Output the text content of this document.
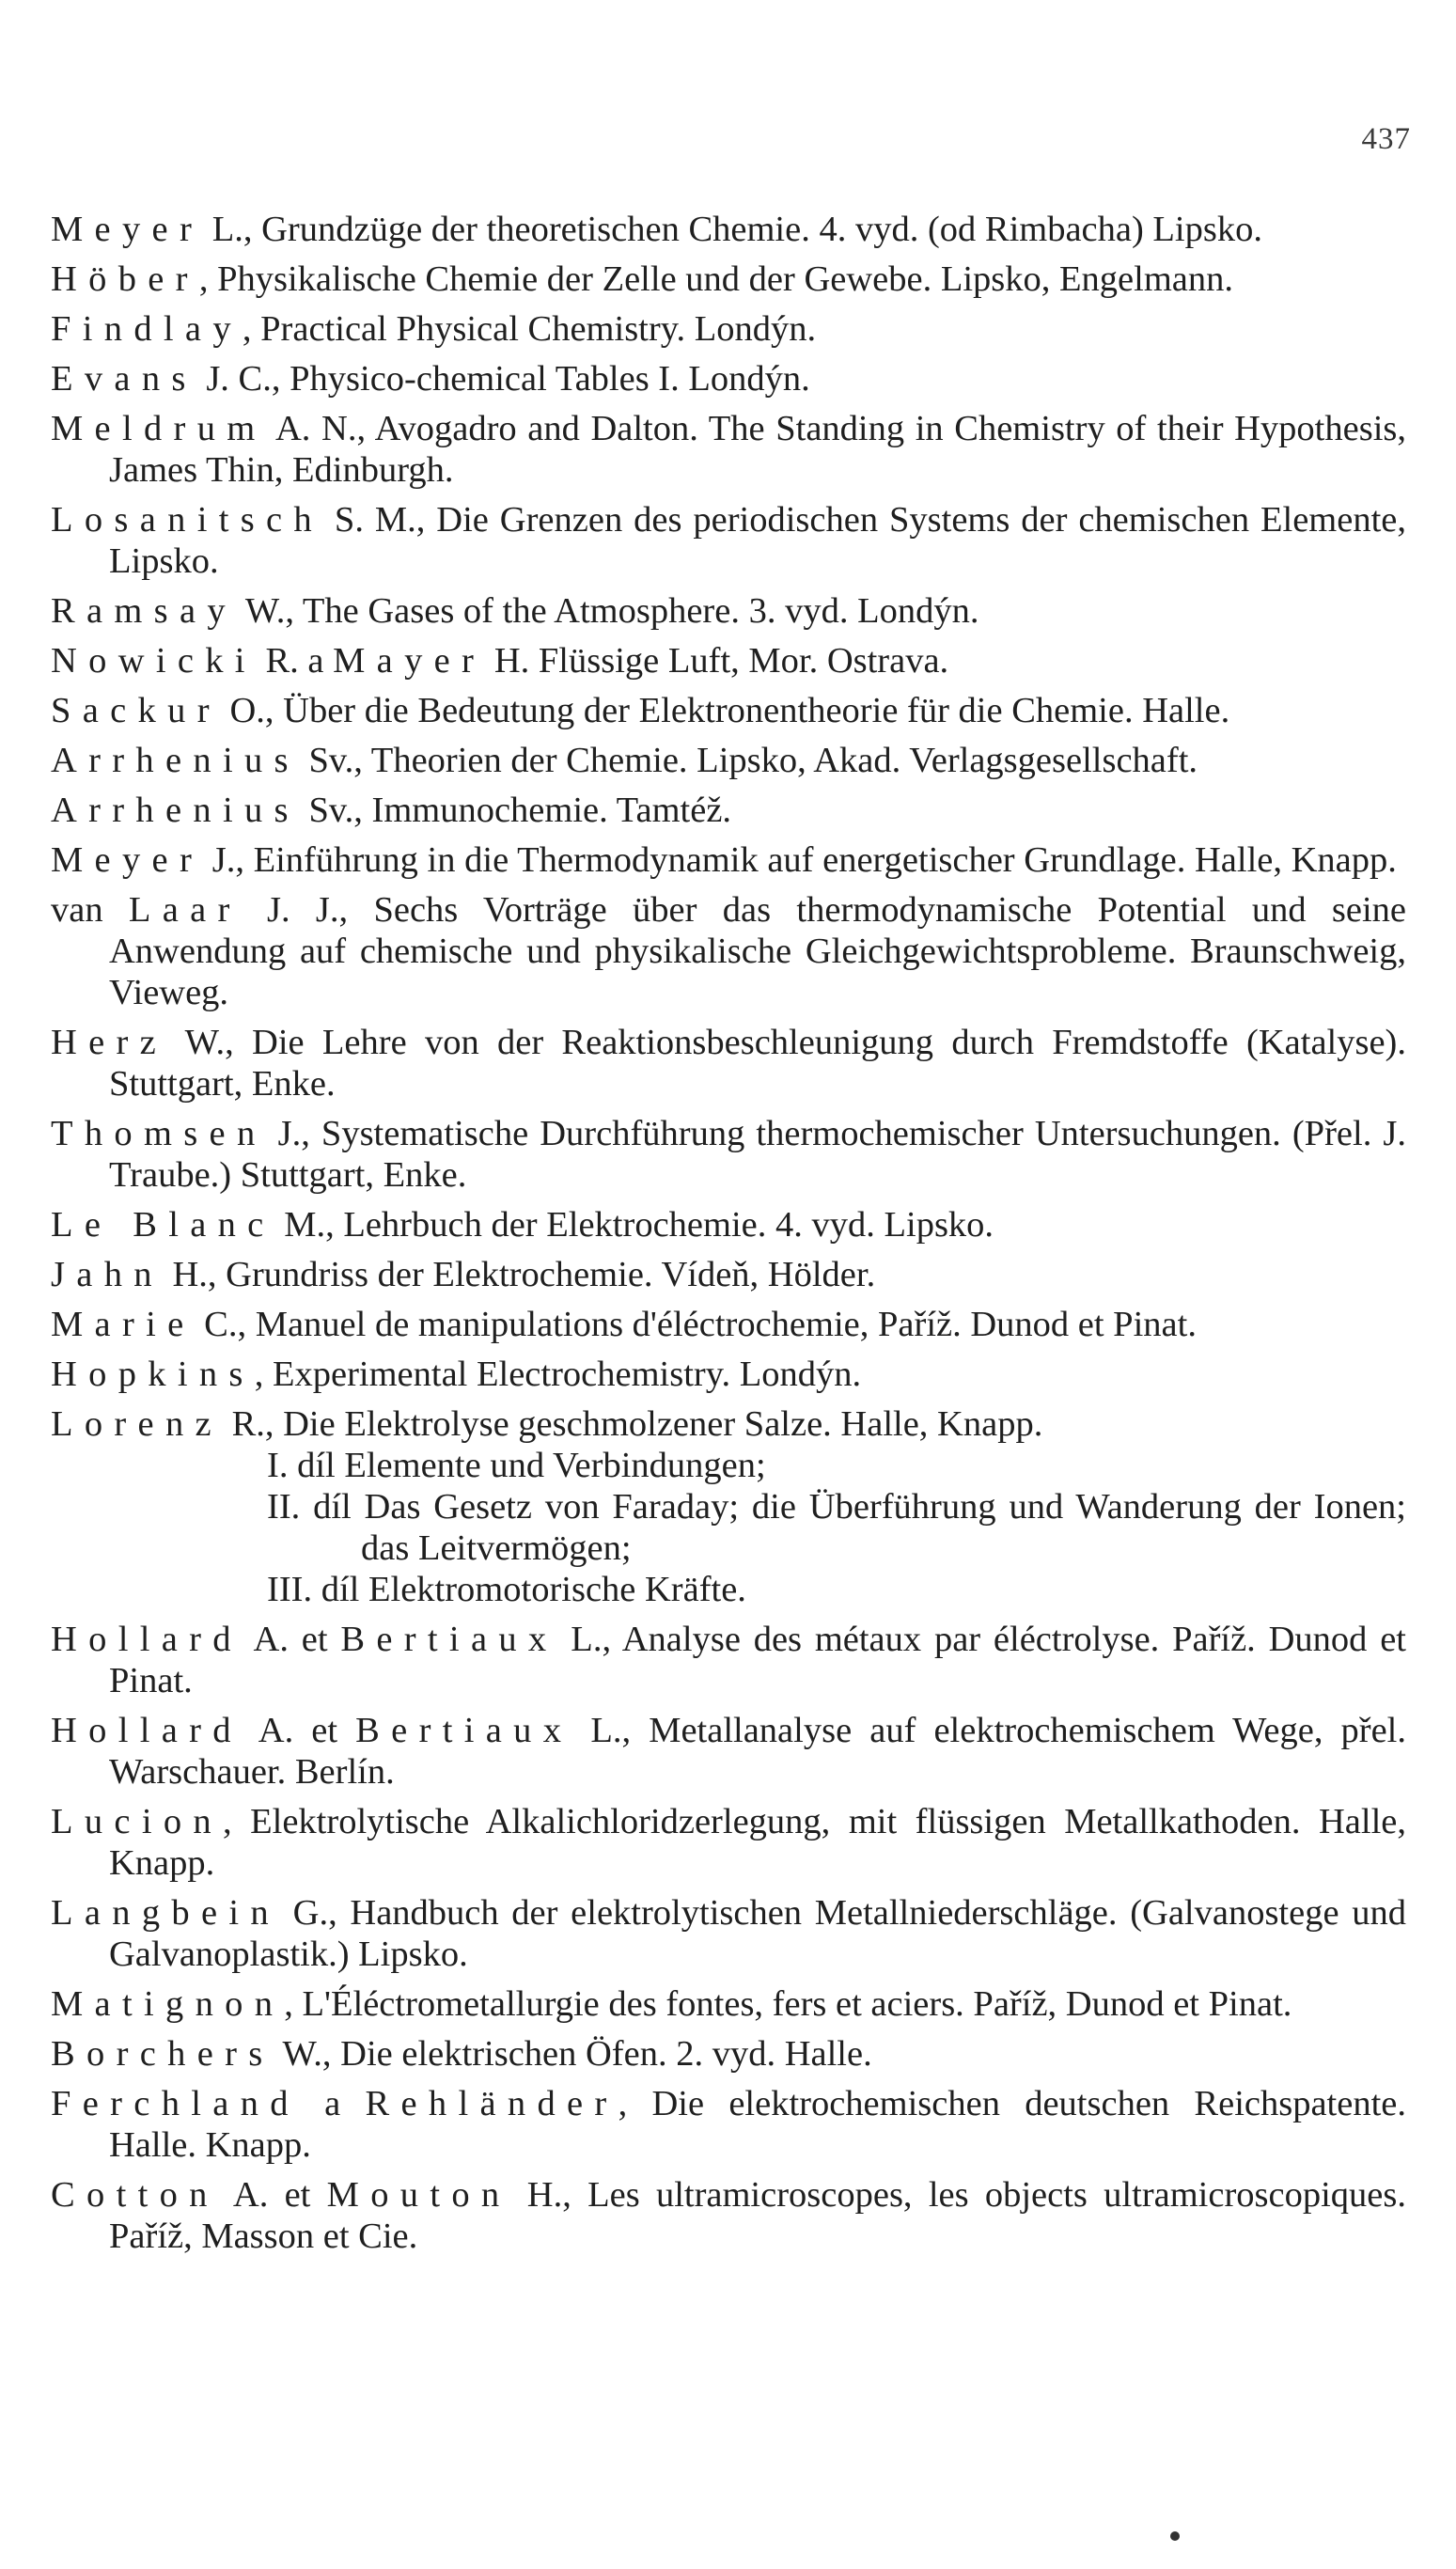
437

Meyer L., Grundzüge der theoretischen Chemie. 4. vyd. (od Rimbacha) Lipsko.

Höber, Physikalische Chemie der Zelle und der Gewebe. Lipsko, Engelmann.

Findlay, Practical Physical Chemistry. Londýn.

Evans J. C., Physico-chemical Tables I. Londýn.

Meldrum A. N., Avogadro and Dalton. The Standing in Chemistry of their Hypothesis, James Thin, Edinburgh.

Losanitsch S. M., Die Grenzen des periodischen Systems der chemischen Elemente, Lipsko.

Ramsay W., The Gases of the Atmosphere. 3. vyd. Londýn.

Nowicki R. a Mayer H. Flüssige Luft, Mor. Ostrava.

Sackur O., Über die Bedeutung der Elektronentheorie für die Chemie. Halle.

Arrhenius Sv., Theorien der Chemie. Lipsko, Akad. Verlagsgesellschaft.

Arrhenius Sv., Immunochemie. Tamtéž.

Meyer J., Einführung in die Thermodynamik auf energetischer Grundlage. Halle, Knapp.

van Laar J. J., Sechs Vorträge über das thermodynamische Potential und seine Anwendung auf chemische und physikalische Gleichgewichtsprobleme. Braunschweig, Vieweg.

Herz W., Die Lehre von der Reaktionsbeschleunigung durch Fremdstoffe (Katalyse). Stuttgart, Enke.

Thomsen J., Systematische Durchführung thermochemischer Untersuchungen. (Přel. J. Traube.) Stuttgart, Enke.

Le Blanc M., Lehrbuch der Elektrochemie. 4. vyd. Lipsko.

Jahn H., Grundriss der Elektrochemie. Vídeň, Hölder.

Marie C., Manuel de manipulations d'éléctrochemie, Paříž. Dunod et Pinat.

Hopkins, Experimental Electrochemistry. Londýn.

Lorenz R., Die Elektrolyse geschmolzener Salze. Halle, Knapp.

I. díl Elemente und Verbindungen;

II. díl Das Gesetz von Faraday; die Überführung und Wanderung der Ionen; das Leitvermögen;

III. díl Elektromotorische Kräfte.

Hollard A. et Bertiaux L., Analyse des métaux par éléctrolyse. Paříž. Dunod et Pinat.

Hollard A. et Bertiaux L., Metallanalyse auf elektrochemischem Wege, přel. Warschauer. Berlín.

Lucion, Elektrolytische Alkalichloridzerlegung, mit flüssigen Metallkathoden. Halle, Knapp.

Langbein G., Handbuch der elektrolytischen Metallniederschläge. (Galvanostege und Galvanoplastik.) Lipsko.

Matignon, L'Éléctrometallurgie des fontes, fers et aciers. Paříž, Dunod et Pinat.

Borchers W., Die elektrischen Öfen. 2. vyd. Halle.

Ferchland a Rehländer, Die elektrochemischen deutschen Reichspatente. Halle. Knapp.

Cotton A. et Mouton H., Les ultramicroscopes, les objects ultramicroscopiques. Paříž, Masson et Cie.
